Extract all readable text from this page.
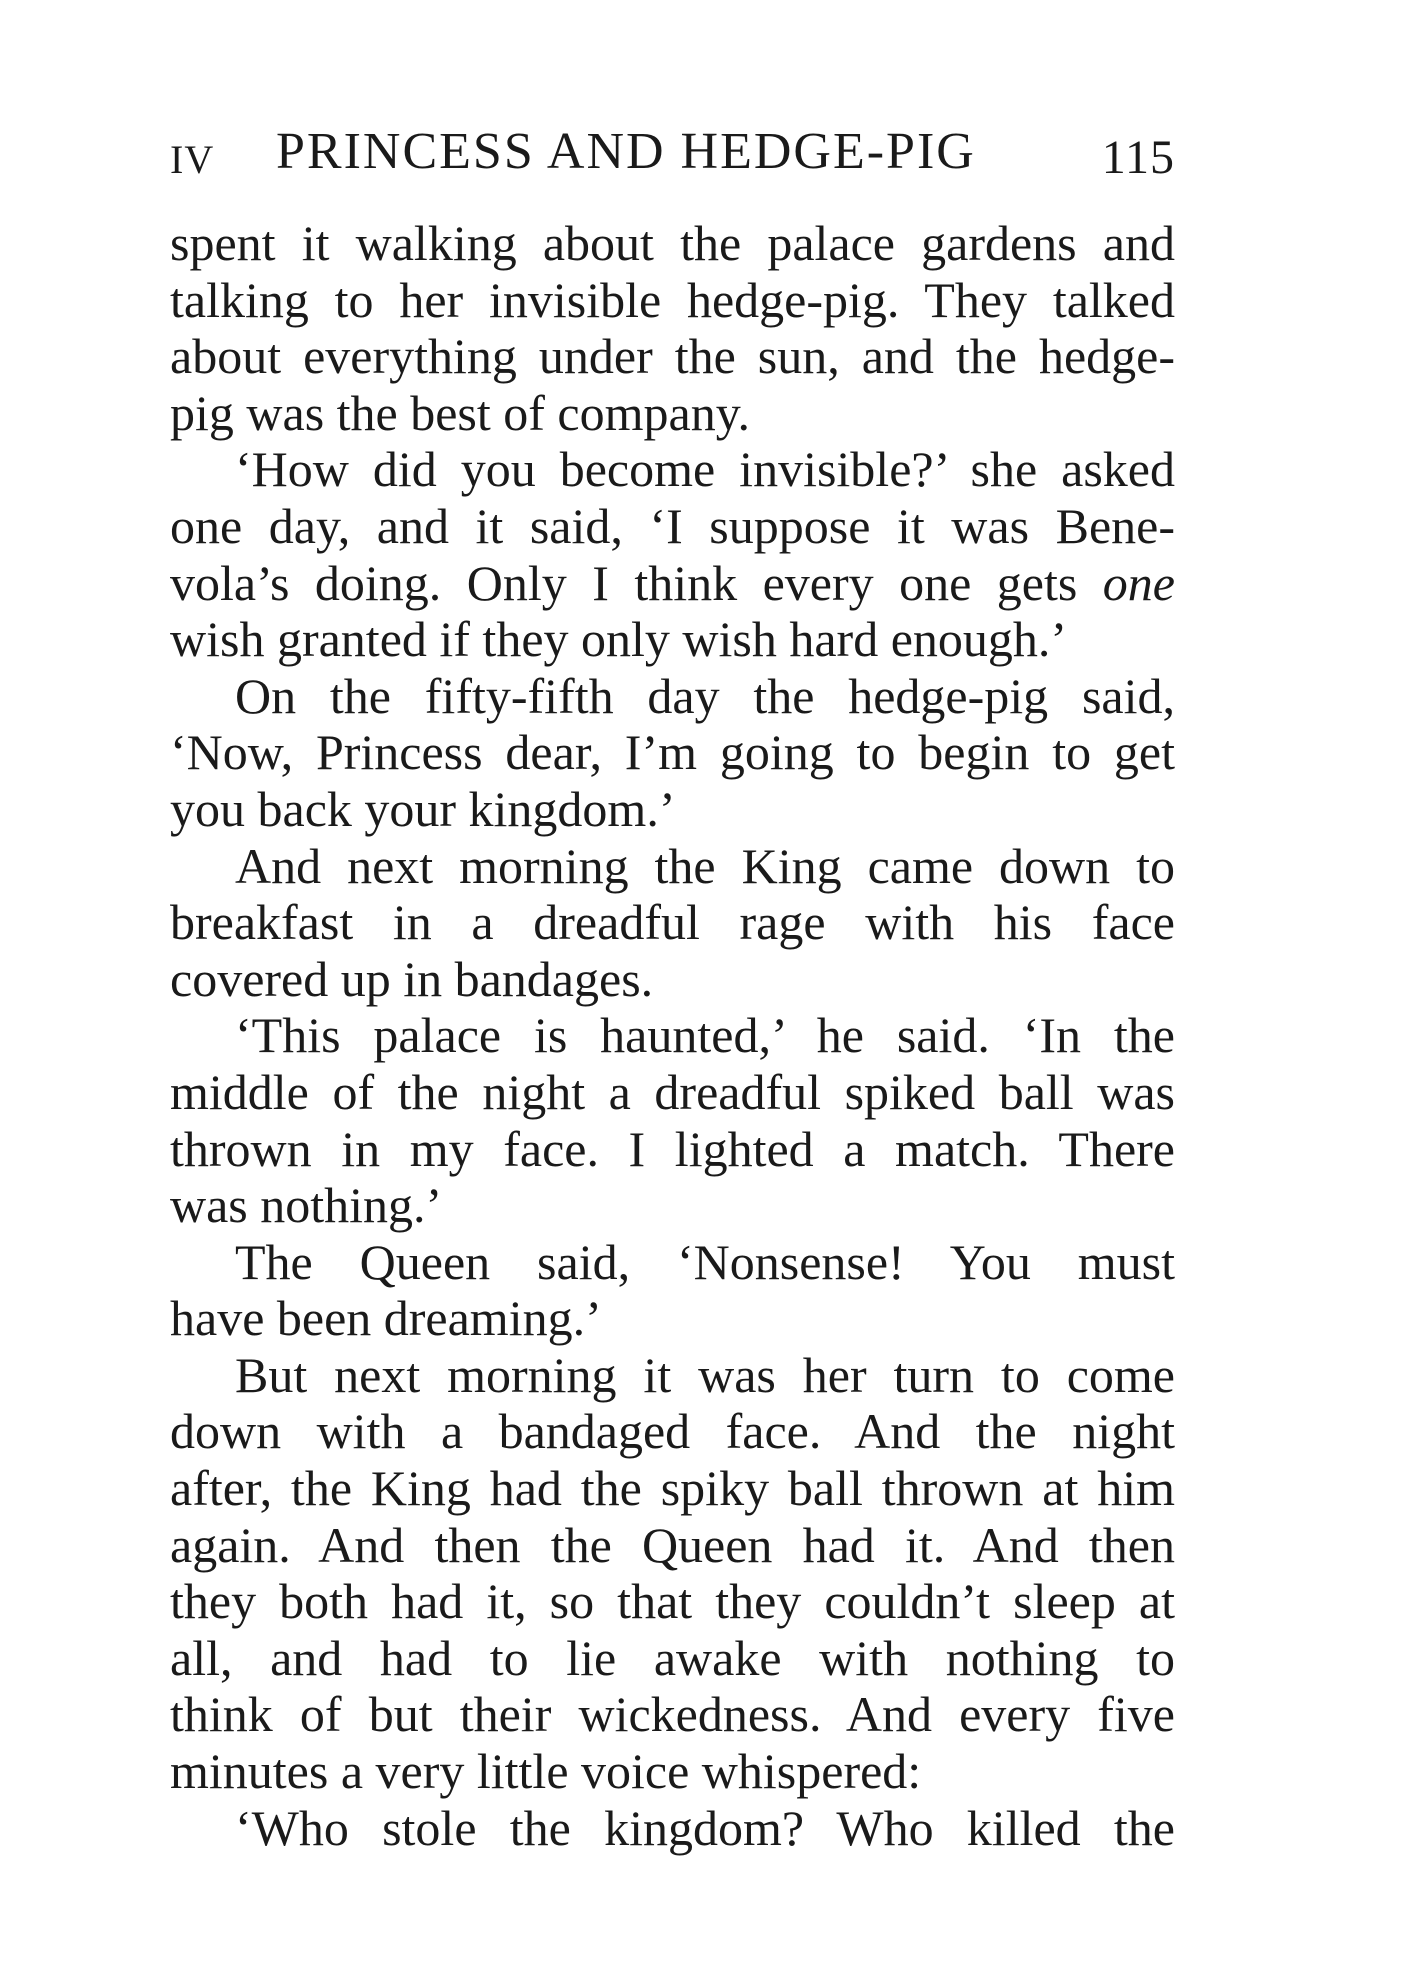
IV PRINCESS AND HEDGE-PIG	115
spent it walking about the palace gardens and
talking to her invisible hedge-pig. They talked
about everything under the sun, and the hedge-
pig was the best of company.
‘How did you become invisible?’ she asked
one day, and it said, ‘I suppose it was Bene-
vola’s doing. Only I think every one gets one
wish granted if they only wish hard enough.’
On the fifty-fifth day the hedge-pig said,
‘Now, Princess dear, I’m going to begin to get
you back your kingdom.’
And next morning the King came down to
breakfast in a dreadful rage with his face
covered up in bandages.
‘This palace is haunted,’ he said. ‘In the
middle of the night a dreadful spiked ball was
thrown in my face. I lighted a match. There
was nothing.’
The Queen said, ‘Nonsense! You must
have been dreaming.’
But next morning it was her turn to come
down with a bandaged face. And the night
after, the King had the spiky ball thrown at him
again. And then the Queen had it. And then
they both had it, so that they couldn’t sleep at
all, and had to lie awake with nothing to
think of but their wickedness. And every five
minutes a very little voice whispered:
‘Who stole the kingdom? Who killed the
